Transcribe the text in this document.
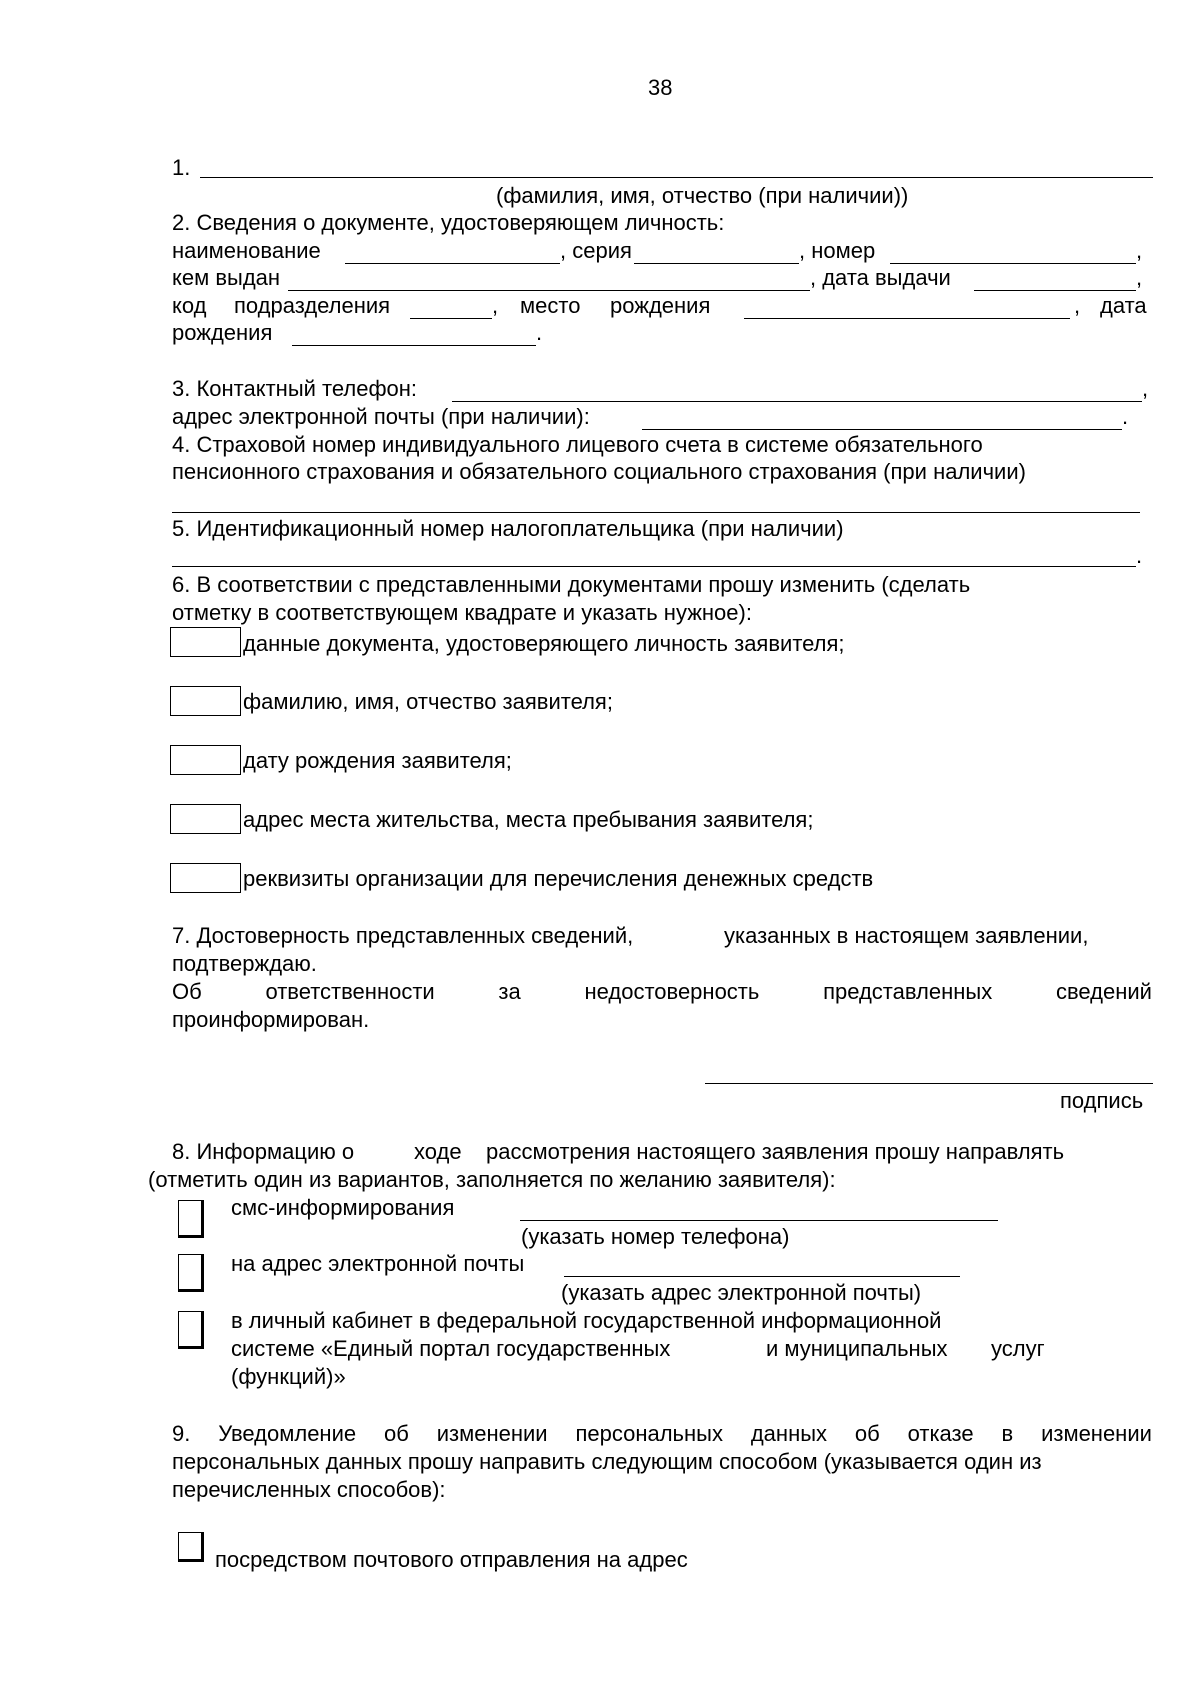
38
1.
(фамилия, имя, отчество (при наличии))
2. Сведения о документе, удостоверяющем личность:
наименование	, серия	, номер	,
кем выдан	, дата выдачи	,
код подразделения	, место рождения	, дата
рождения	.
3. Контактный телефон:	,
адрес электронной почты (при наличии):	.
4. Страховой номер индивидуального лицевого счета в системе обязательного
пенсионного страхования и обязательного социального страхования (при наличии)
5. Идентификационный номер налогоплательщика (при наличии)
.
6. В соответствии с представленными документами прошу изменить (сделать
отметку в соответствующем квадрате и указать нужное):
данные документа, удостоверяющего личность заявителя;
фамилию, имя, отчество заявителя;
дату рождения заявителя;
адрес места жительства, места пребывания заявителя;
реквизиты организации для перечисления денежных средств
7. Достоверность представленных сведений,	указанных в настоящем заявлении,
подтверждаю.
Об	ответственности	за	недостоверность	представленных	сведений
проинформирован.
подпись
8. Информацию о	ходе рассмотрения настоящего заявления прошу направлять
(отметить один из вариантов, заполняется по желанию заявителя):
смс-информирования
(указать номер телефона)
на адрес электронной почты
(указать адрес электронной почты)
в личный кабинет в федеральной государственной информационной
системе «Единый портал государственных	и муниципальных услуг
(функций)»
9. Уведомление об изменении персональных данных об отказе в изменении
персональных данных прошу направить следующим способом (указывается один из
перечисленных способов):
посредством почтового отправления на адрес
